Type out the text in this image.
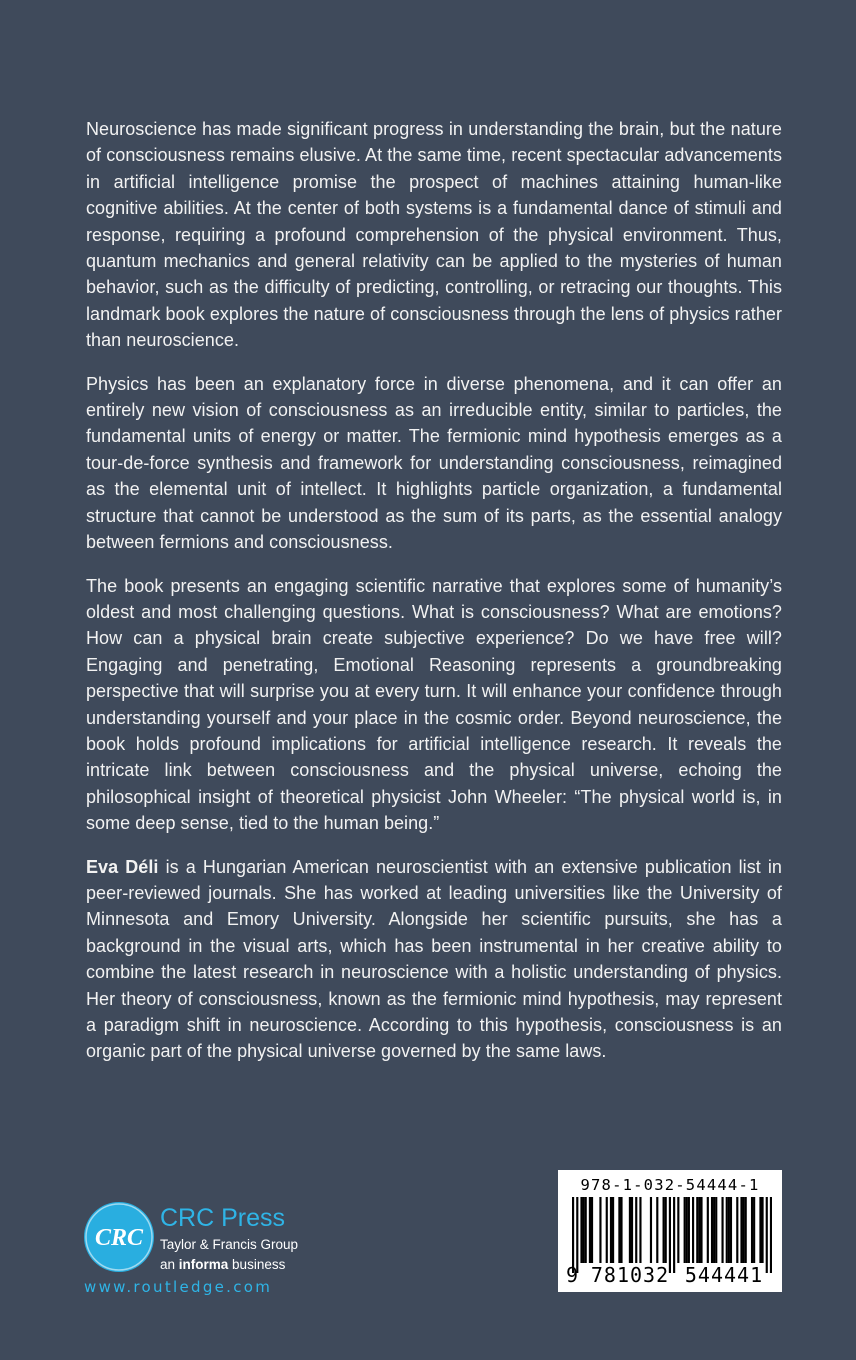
Neuroscience has made significant progress in understanding the brain, but the nature of consciousness remains elusive. At the same time, recent spectacular advancements in artificial intelligence promise the prospect of machines attaining human-like cognitive abilities. At the center of both systems is a fundamental dance of stimuli and response, requiring a profound comprehension of the physical environment. Thus, quantum mechanics and general relativity can be applied to the mysteries of human behavior, such as the difficulty of predicting, controlling, or retracing our thoughts. This landmark book explores the nature of consciousness through the lens of physics rather than neuroscience.

Physics has been an explanatory force in diverse phenomena, and it can offer an entirely new vision of consciousness as an irreducible entity, similar to particles, the fundamental units of energy or matter. The fermionic mind hypothesis emerges as a tour-de-force synthesis and framework for understanding consciousness, reimagined as the elemental unit of intellect. It highlights particle organization, a fundamental structure that cannot be understood as the sum of its parts, as the essential analogy between fermions and consciousness.

The book presents an engaging scientific narrative that explores some of humanity’s oldest and most challenging questions. What is consciousness? What are emotions? How can a physical brain create subjective experience? Do we have free will? Engaging and penetrating, Emotional Reasoning represents a groundbreaking perspective that will surprise you at every turn. It will enhance your confidence through understanding yourself and your place in the cosmic order. Beyond neuroscience, the book holds profound implications for artificial intelligence research. It reveals the intricate link between consciousness and the physical universe, echoing the philosophical insight of theoretical physicist John Wheeler: “The physical world is, in some deep sense, tied to the human being.”

Eva Déli is a Hungarian American neuroscientist with an extensive publication list in peer-reviewed journals. She has worked at leading universities like the University of Minnesota and Emory University. Alongside her scientific pursuits, she has a background in the visual arts, which has been instrumental in her creative ability to combine the latest research in neuroscience with a holistic understanding of physics. Her theory of consciousness, known as the fermionic mind hypothesis, may represent a paradigm shift in neuroscience. According to this hypothesis, consciousness is an organic part of the physical universe governed by the same laws.

CRC
CRC Press
Taylor & Francis Group
an informa business
www.routledge.com
978-1-032-54444-1
9 781032 544441
